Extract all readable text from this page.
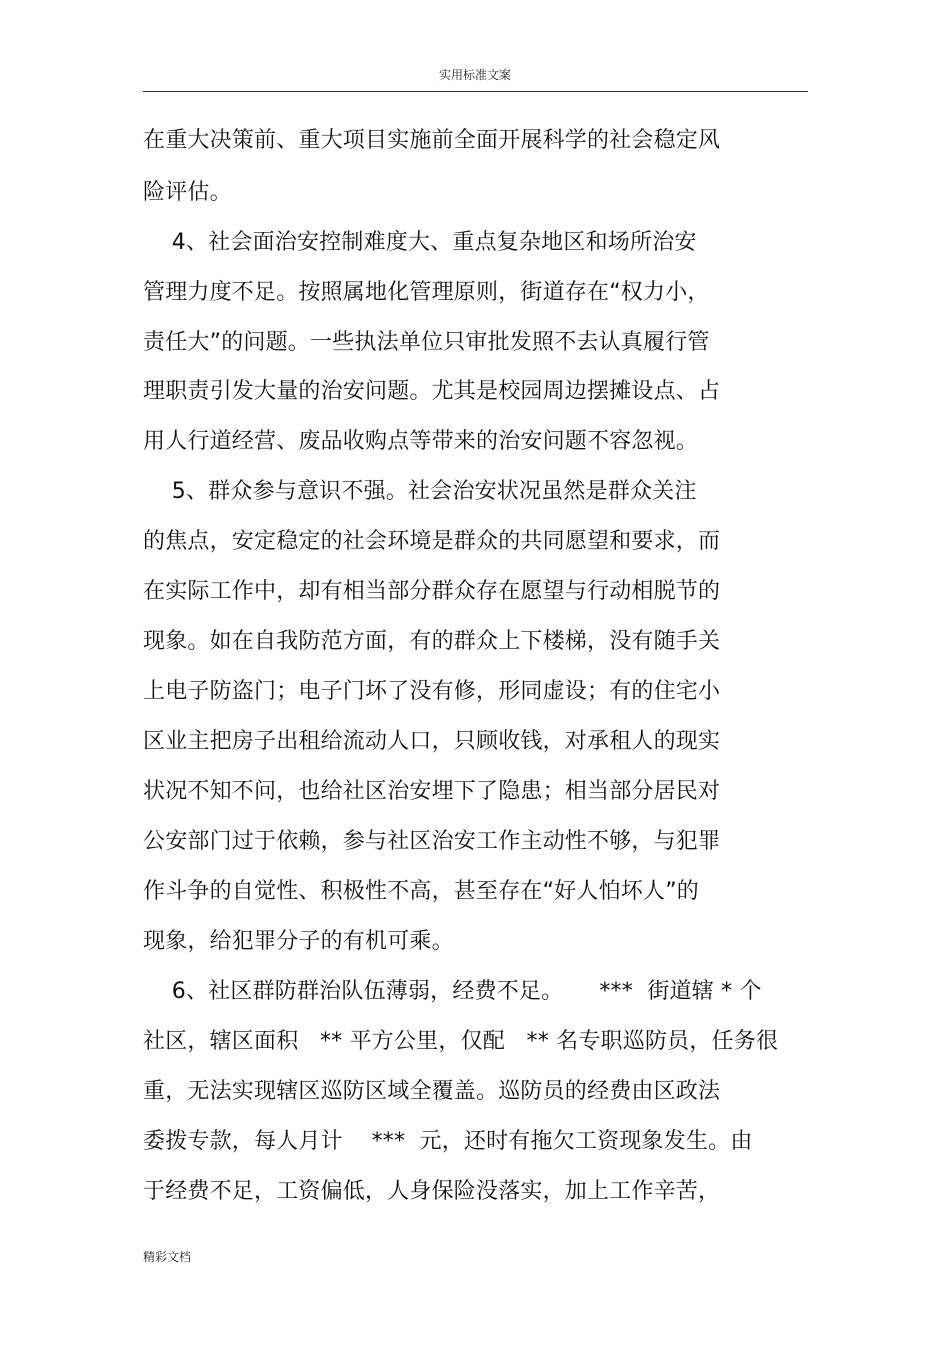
实用标准文案
在重大决策前、重大项目实施前全面开展科学的社会稳定风
险评估。
4、社会面治安控制难度大、重点复杂地区和场所治安
管理力度不足。按照属地化管理原则，街道存在“权力小，
责任大”的问题。一些执法单位只审批发照不去认真履行管
理职责引发大量的治安问题。尤其是校园周边摆摊设点、占
用人行道经营、废品收购点等带来的治安问题不容忽视。
5、群众参与意识不强。社会治安状况虽然是群众关注
的焦点，安定稳定的社会环境是群众的共同愿望和要求，而
在实际工作中，却有相当部分群众存在愿望与行动相脱节的
现象。如在自我防范方面，有的群众上下楼梯，没有随手关
上电子防盗门；电子门坏了没有修，形同虚设；有的住宅小
区业主把房子出租给流动人口，只顾收钱，对承租人的现实
状况不知不问，也给社区治安埋下了隐患；相当部分居民对
公安部门过于依赖，参与社区治安工作主动性不够，与犯罪
作斗争的自觉性、积极性不高，甚至存在“好人怕坏人”的
现象，给犯罪分子的有机可乘。
6、社区群防群治队伍薄弱，经费不足。     ***  街道辖 * 个
社区，辖区面积   ** 平方公里，仅配   ** 名专职巡防员，任务很
重，无法实现辖区巡防区域全覆盖。巡防员的经费由区政法
委拨专款，每人月计    ***  元，还时有拖欠工资现象发生。由
于经费不足，工资偏低，人身保险没落实，加上工作辛苦，
精彩文档
